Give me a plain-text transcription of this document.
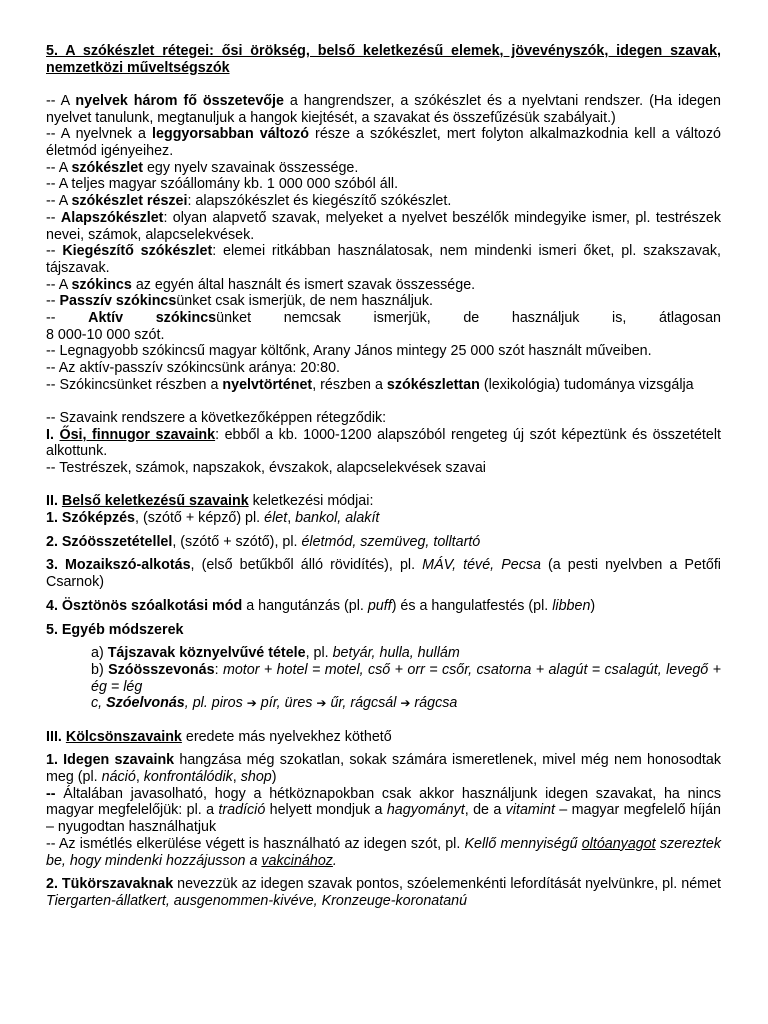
5. A szókészlet rétegei: ősi örökség, belső keletkezésű elemek, jövevényszók, idegen szavak, nemzetközi műveltségszók

-- A nyelvek három fő összetevője a hangrendszer, a szókészlet és a nyelvtani rendszer. (Ha idegen nyelvet tanulunk, megtanuljuk a hangok kiejtését, a szavakat és összefűzésük szabályait.)

-- A nyelvnek a leggyorsabban változó része a szókészlet, mert folyton alkalmazkodnia kell a változó életmód igényeihez.

-- A szókészlet egy nyelv szavainak összessége.

-- A teljes magyar szóállomány kb. 1 000 000 szóból áll.

-- A szókészlet részei: alapszókészlet és kiegészítő szókészlet.

-- Alapszókészlet: olyan alapvető szavak, melyeket a nyelvet beszélők mindegyike ismer, pl. testrészek nevei, számok, alapcselekvések.

-- Kiegészítő szókészlet: elemei ritkábban használatosak, nem mindenki ismeri őket, pl. szakszavak, tájszavak.

-- A szókincs az egyén által használt és ismert szavak összessége.

-- Passzív szókincsünket csak ismerjük, de nem használjuk.

-- Aktív szókincsünket nemcsak ismerjük, de használjuk is, átlagosan

8 000-10 000 szót.

-- Legnagyobb szókincsű magyar költőnk, Arany János mintegy 25 000 szót használt műveiben.

-- Az aktív-passzív szókincsünk aránya: 20:80.

-- Szókincsünket részben a nyelvtörténet, részben a szókészlettan (lexikológia) tudománya vizsgálja

-- Szavaink rendszere a következőképpen rétegződik:

I. Ősi, finnugor szavaink: ebből a kb. 1000-1200 alapszóból rengeteg új szót képeztünk és összetételt alkottunk.

-- Testrészek, számok, napszakok, évszakok, alapcselekvések szavai

II. Belső keletkezésű szavaink keletkezési módjai:

1. Szóképzés, (szótő + képző) pl. élet, bankol, alakít

2. Szóösszetétellel, (szótő + szótő), pl. életmód, szemüveg, tolltartó

3. Mozaikszó-alkotás, (első betűkből álló rövidítés), pl. MÁV, tévé, Pecsa (a pesti nyelvben a Petőfi Csarnok)

4. Ösztönös szóalkotási mód a hangutánzás (pl. puff) és a hangulatfestés (pl. libben)

5. Egyéb módszerek

a) Tájszavak köznyelvűvé tétele, pl. betyár, hulla, hullám

b) Szóösszevonás: motor + hotel = motel, cső + orr = csőr, csatorna + alagút = csalagút, levegő + ég = lég

c, Szóelvonás, pl. piros ➔ pír, üres ➔ űr, rágcsál ➔ rágcsa

III. Kölcsönszavaink eredete más nyelvekhez köthető

1. Idegen szavaink hangzása még szokatlan, sokak számára ismeretlenek, mivel még nem honosodtak meg (pl. náció, konfrontálódik, shop)

-- Általában javasolható, hogy a hétköznapokban csak akkor használjunk idegen szavakat, ha nincs magyar megfelelőjük: pl. a tradíció helyett mondjuk a hagyományt, de a vitamint – magyar megfelelő híján – nyugodtan használhatjuk

-- Az ismétlés elkerülése végett is használható az idegen szót, pl. Kellő mennyiségű oltóanyagot szereztek be, hogy mindenki hozzájusson a vakcinához.

2. Tükörszavaknak nevezzük az idegen szavak pontos, szóelemenkénti lefordítását nyelvünkre, pl. német Tiergarten-állatkert, ausgenommen-kivéve, Kronzeuge-koronatanú
